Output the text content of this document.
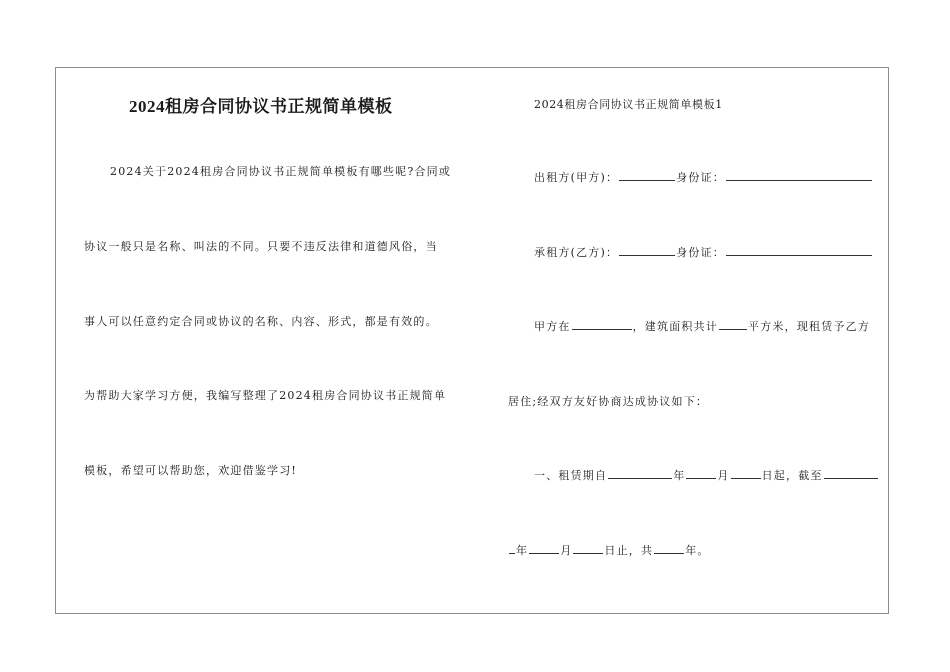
2024租房合同协议书正规简单模板
2024关于2024租房合同协议书正规简单模板有哪些呢?合同或
协议一般只是名称、叫法的不同。只要不违反法律和道德风俗，当
事人可以任意约定合同或协议的名称、内容、形式，都是有效的。
为帮助大家学习方便，我编写整理了2024租房合同协议书正规简单
模板，希望可以帮助您，欢迎借鉴学习!
2024租房合同协议书正规简单模板1
出租方(甲方)：	身份证：
承租方(乙方)：	身份证：
甲方在	，建筑面积共计	平方米，现租赁予乙方
居住;经双方友好协商达成协议如下：
一、租赁期自	年	月	日起，截至
年	月	日止，共	年。
